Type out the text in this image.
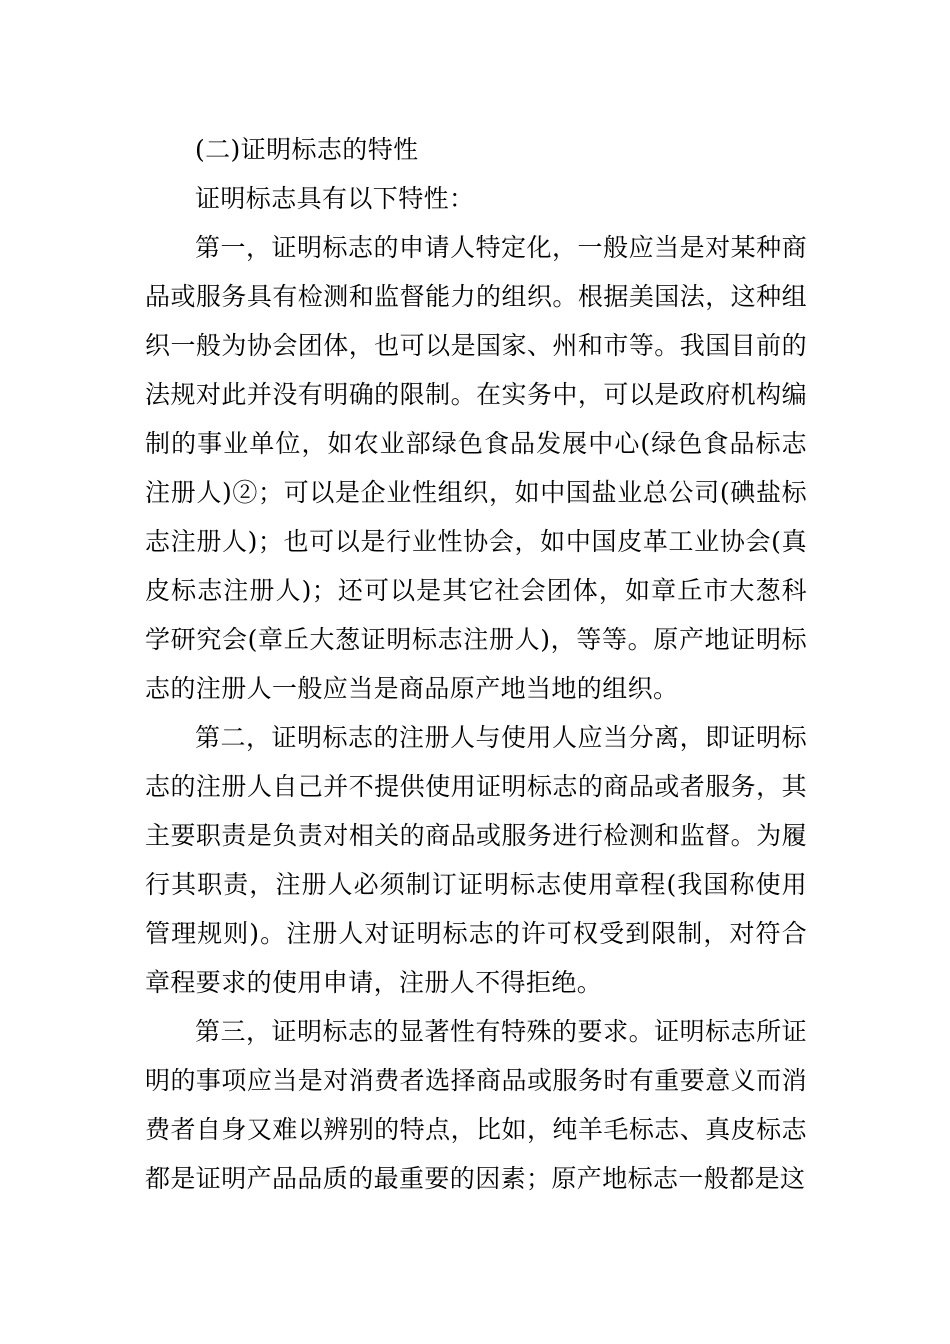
(二)证明标志的特性

证明标志具有以下特性：

第一，证明标志的申请人特定化，一般应当是对某种商品或服务具有检测和监督能力的组织。根据美国法，这种组织一般为协会团体，也可以是国家、州和市等。我国目前的法规对此并没有明确的限制。在实务中，可以是政府机构编制的事业单位，如农业部绿色食品发展中心(绿色食品标志注册人)②；可以是企业性组织，如中国盐业总公司(碘盐标志注册人)；也可以是行业性协会，如中国皮革工业协会(真皮标志注册人)；还可以是其它社会团体，如章丘市大葱科学研究会(章丘大葱证明标志注册人)，等等。原产地证明标志的注册人一般应当是商品原产地当地的组织。

第二，证明标志的注册人与使用人应当分离，即证明标志的注册人自己并不提供使用证明标志的商品或者服务，其主要职责是负责对相关的商品或服务进行检测和监督。为履行其职责，注册人必须制订证明标志使用章程(我国称使用管理规则)。注册人对证明标志的许可权受到限制，对符合章程要求的使用申请，注册人不得拒绝。

第三，证明标志的显著性有特殊的要求。证明标志所证明的事项应当是对消费者选择商品或服务时有重要意义而消费者自身又难以辨别的特点，比如，纯羊毛标志、真皮标志都是证明产品品质的最重要的因素；原产地标志一般都是这
